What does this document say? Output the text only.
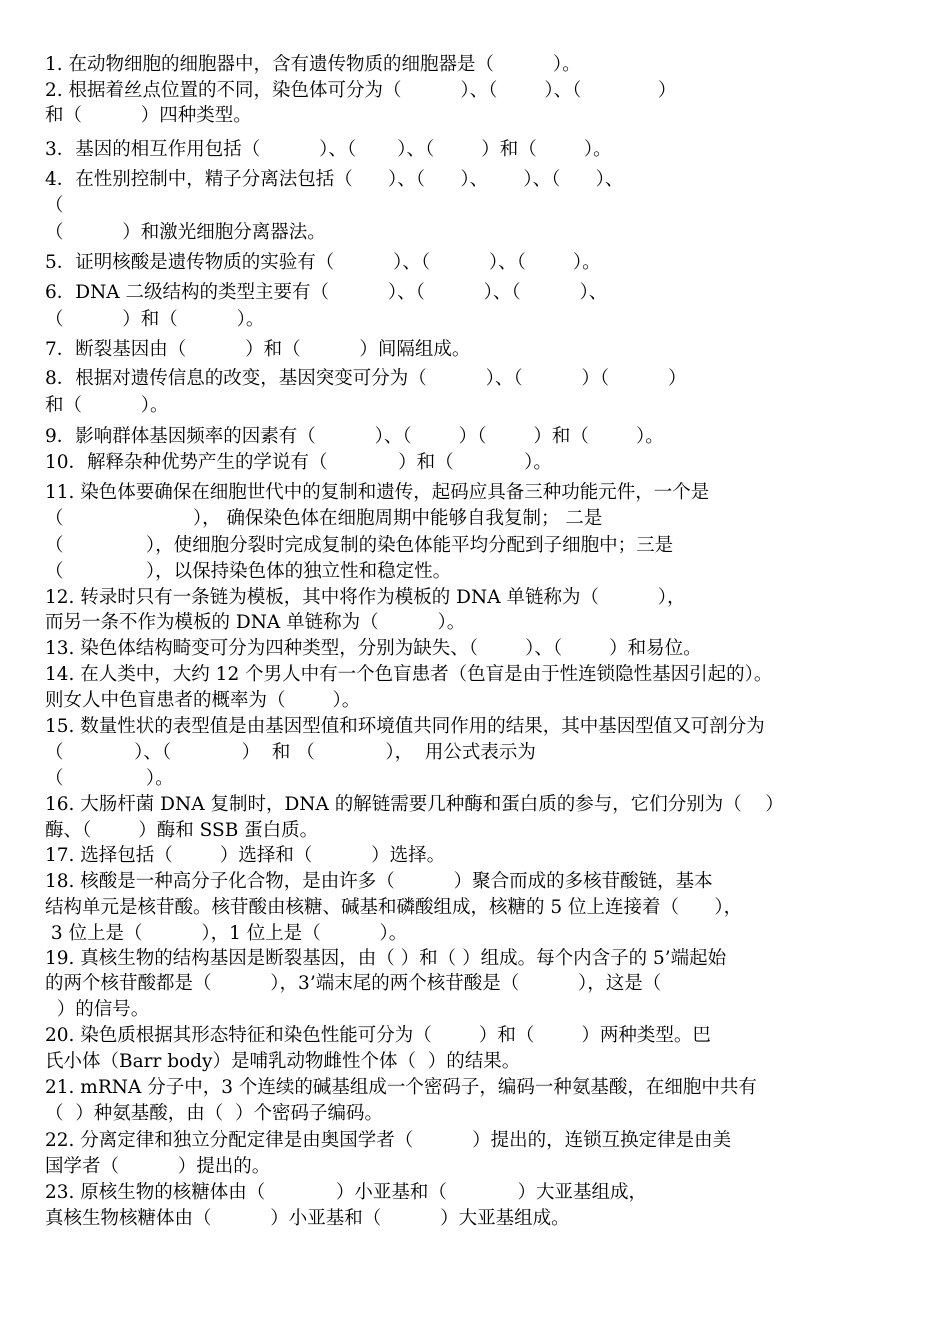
1. 在动物细胞的细胞器中，含有遗传物质的细胞器是（          ）。
2. 根据着丝点位置的不同，染色体可分为（          ）、（        ）、（             ）
和（          ）四种类型。
3．基因的相互作用包括（          ）、（       ）、（        ）和（        ）。
4．在性别控制中，精子分离法包括（      ）、（      ）、      ）、（      ）、
（
（          ）和激光细胞分离器法。
5．证明核酸是遗传物质的实验有（          ）、（          ）、（        ）。
6．DNA 二级结构的类型主要有（          ）、（          ）、（          ）、
（          ）和（          ）。
7．断裂基因由（          ）和（          ）间隔组成。
8．根据对遗传信息的改变，基因突变可分为（          ）、（          ）（          ）
和（          ）。
9．影响群体基因频率的因素有（          ）、（        ）（        ）和（        ）。
10．解释杂种优势产生的学说有（            ）和（            ）。
11. 染色体要确保在细胞世代中的复制和遗传，起码应具备三种功能元件，一个是
（                      ）， 确保染色体在细胞周期中能够自我复制； 二是
（              ），使细胞分裂时完成复制的染色体能平均分配到子细胞中；三是
（              ），以保持染色体的独立性和稳定性。
12. 转录时只有一条链为模板，其中将作为模板的 DNA 单链称为（          ），
而另一条不作为模板的 DNA 单链称为（          ）。
13. 染色体结构畸变可分为四种类型，分别为缺失、（        ）、（        ）和易位。
14. 在人类中，大约 12 个男人中有一个色盲患者（色盲是由于性连锁隐性基因引起的）。
则女人中色盲患者的概率为（        ）。
15. 数量性状的表型值是由基因型值和环境值共同作用的结果，其中基因型值又可剖分为
（            ）、（            ）  和 （            ），  用公式表示为
（              ）。
16. 大肠杆菌 DNA 复制时，DNA 的解链需要几种酶和蛋白质的参与，它们分别为（    ）
酶、（        ）酶和 SSB 蛋白质。
17. 选择包括（        ）选择和（          ）选择。
18. 核酸是一种高分子化合物，是由许多（          ）聚合而成的多核苷酸链，基本
结构单元是核苷酸。核苷酸由核糖、碱基和磷酸组成，核糖的 5 位上连接着（      ），
3 位上是（          ），1 位上是（          ）。
19. 真核生物的结构基因是断裂基因，由（ ）和（ ）组成。每个内含子的 5’端起始
的两个核苷酸都是（          ），3’端末尾的两个核苷酸是（          ），这是（
）的信号。
20. 染色质根据其形态特征和染色性能可分为（        ）和（        ）两种类型。巴
氏小体（Barr body）是哺乳动物雌性个体（  ）的结果。
21. mRNA 分子中，3 个连续的碱基组成一个密码子，编码一种氨基酸，在细胞中共有
（  ）种氨基酸，由（  ）个密码子编码。
22. 分离定律和独立分配定律是由奥国学者（          ）提出的，连锁互换定律是由美
国学者（          ）提出的。
23. 原核生物的核糖体由（            ）小亚基和（            ）大亚基组成，
真核生物核糖体由（          ）小亚基和（          ）大亚基组成。
